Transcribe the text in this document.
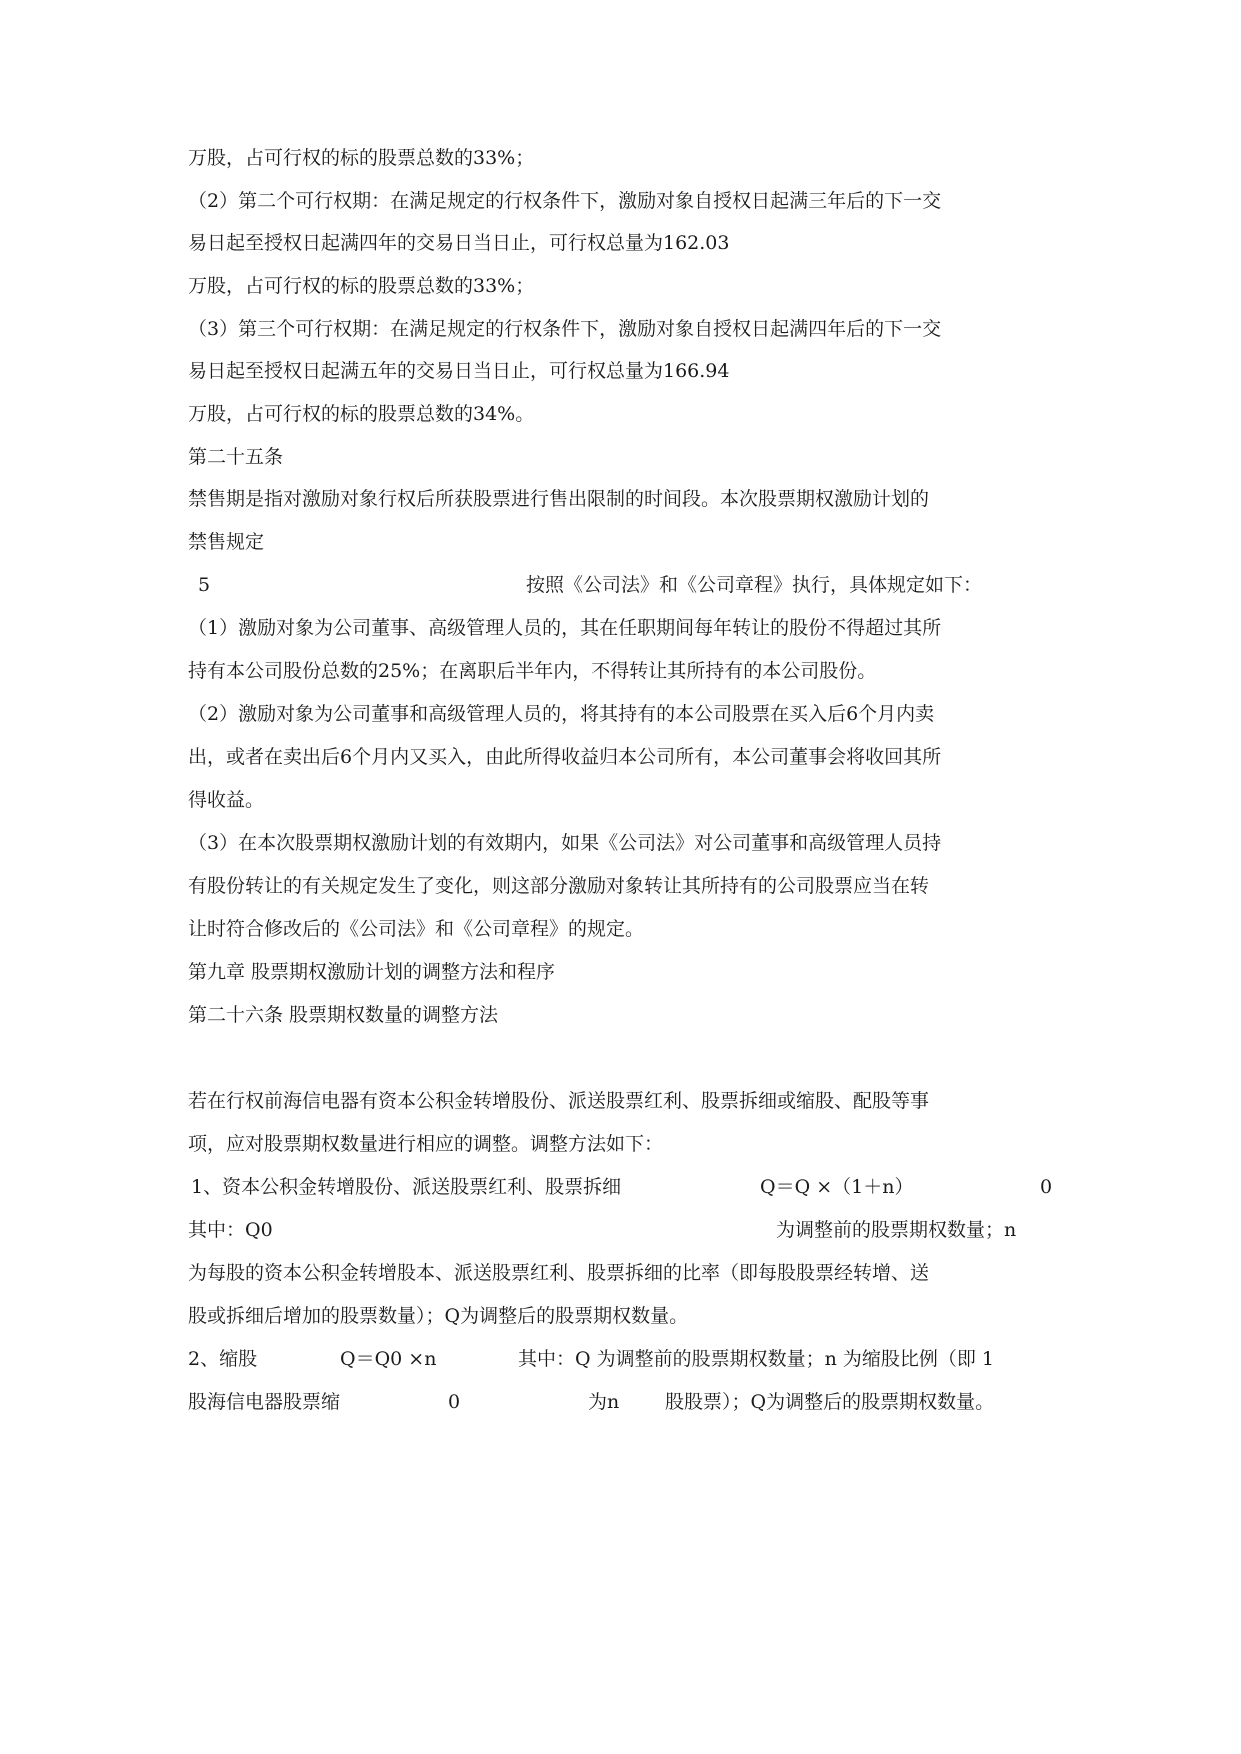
万股，占可行权的标的股票总数的33%；
（2）第二个可行权期：在满足规定的行权条件下，激励对象自授权日起满三年后的下一交
易日起至授权日起满四年的交易日当日止，可行权总量为162.03
万股，占可行权的标的股票总数的33%；
（3）第三个可行权期：在满足规定的行权条件下，激励对象自授权日起满四年后的下一交
易日起至授权日起满五年的交易日当日止，可行权总量为166.94
万股，占可行权的标的股票总数的34%。
第二十五条
禁售期是指对激励对象行权后所获股票进行售出限制的时间段。本次股票期权激励计划的
禁售规定
5	按照《公司法》和《公司章程》执行，具体规定如下：
（1）激励对象为公司董事、高级管理人员的，其在任职期间每年转让的股份不得超过其所
持有本公司股份总数的25%；在离职后半年内，不得转让其所持有的本公司股份。
（2）激励对象为公司董事和高级管理人员的，将其持有的本公司股票在买入后6个月内卖
出，或者在卖出后6个月内又买入，由此所得收益归本公司所有，本公司董事会将收回其所
得收益。
（3）在本次股票期权激励计划的有效期内，如果《公司法》对公司董事和高级管理人员持
有股份转让的有关规定发生了变化，则这部分激励对象转让其所持有的公司股票应当在转
让时符合修改后的《公司法》和《公司章程》的规定。
第九章 股票期权激励计划的调整方法和程序
第二十六条 股票期权数量的调整方法
若在行权前海信电器有资本公积金转增股份、派送股票红利、股票拆细或缩股、配股等事
项，应对股票期权数量进行相应的调整。调整方法如下：
1、资本公积金转增股份、派送股票红利、股票拆细	Q＝Q ×（1＋n）	0
其中：Q0	为调整前的股票期权数量；n
为每股的资本公积金转增股本、派送股票红利、股票拆细的比率（即每股股票经转增、送
股或拆细后增加的股票数量）；Q为调整后的股票期权数量。
2、缩股	Q＝Q0 ×n	其中：Q 为调整前的股票期权数量；n 为缩股比例（即 1
股海信电器股票缩	0	为n 股股票）；Q为调整后的股票期权数量。
